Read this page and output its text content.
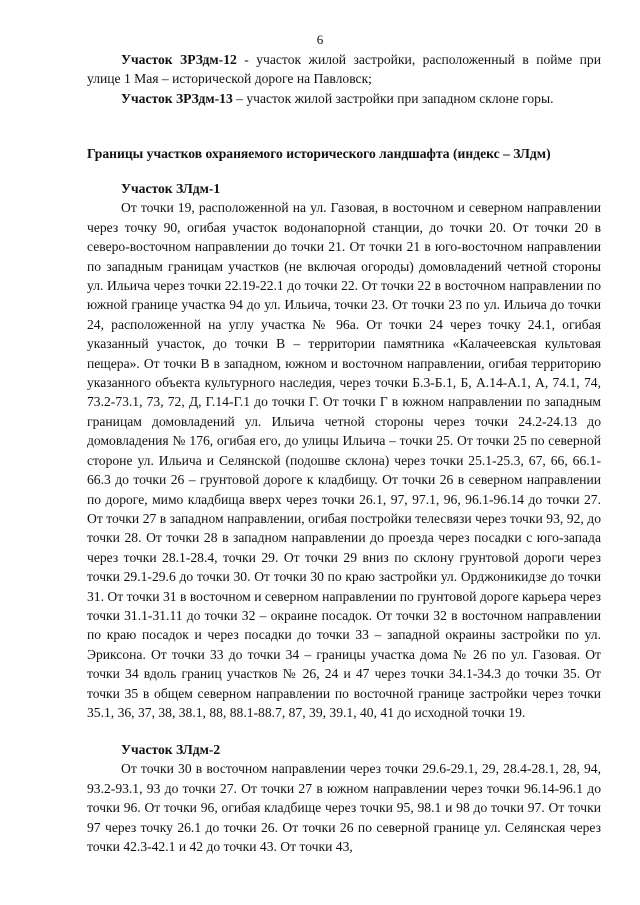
6

Участок ЗРЗдм-12 - участок жилой застройки, расположенный в пойме при улице 1 Мая – исторической дороге на Павловск;

Участок ЗРЗдм-13 – участок жилой застройки при западном склоне горы.

Границы участков охраняемого исторического ландшафта (индекс – ЗЛдм)

Участок ЗЛдм-1

От точки 19, расположенной на ул. Газовая, в восточном и северном направлении через точку 90, огибая участок водонапорной станции, до точки 20. От точки 20 в северо-восточном направлении до точки 21. От точки 21 в юго-восточном направлении по западным границам участков (не включая огороды) домовладений четной стороны ул. Ильича через точки 22.19-22.1 до точки 22. От точки 22 в восточном направлении по южной границе участка 94 до ул. Ильича, точки 23. От точки 23 по ул. Ильича до точки 24, расположенной на углу участка № 96а. От точки 24 через точку 24.1, огибая указанный участок, до точки В – территории памятника «Калачеевская культовая пещера». От точки В в западном, южном и восточном направлении, огибая территорию указанного объекта культурного наследия, через точки Б.3-Б.1, Б, А.14-А.1, А, 74.1, 74, 73.2-73.1, 73, 72, Д, Г.14-Г.1 до точки Г. От точки Г в южном направлении по западным границам домовладений ул. Ильича четной стороны через точки 24.2-24.13 до домовладения № 176, огибая его, до улицы Ильича – точки 25. От точки 25 по северной стороне ул. Ильича и Селянской (подошве склона) через точки 25.1-25.3, 67, 66, 66.1-66.3 до точки 26 – грунтовой дороге к кладбищу. От точки 26 в северном направлении по дороге, мимо кладбища вверх через точки 26.1, 97, 97.1, 96, 96.1-96.14 до точки 27. От точки 27 в западном направлении, огибая постройки телесвязи через точки 93, 92, до точки 28. От точки 28 в западном направлении до проезда через посадки с юго-запада через точки 28.1-28.4, точки 29. От точки 29 вниз по склону грунтовой дороги через точки 29.1-29.6 до точки 30. От точки 30 по краю застройки ул. Орджоникидзе до точки 31. От точки 31 в восточном и северном направлении по грунтовой дороге карьера через точки 31.1-31.11 до точки 32 – окраине посадок. От точки 32 в восточном направлении по краю посадок и через посадки до точки 33 – западной окраины застройки по ул. Эриксона. От точки 33 до точки 34 – границы участка дома № 26 по ул. Газовая. От точки 34 вдоль границ участков № 26, 24 и 47 через точки 34.1-34.3 до точки 35. От точки 35 в общем северном направлении по восточной границе застройки через точки 35.1, 36, 37, 38, 38.1, 88, 88.1-88.7, 87, 39, 39.1, 40, 41 до исходной точки 19.

Участок ЗЛдм-2

От точки 30 в восточном направлении через точки 29.6-29.1, 29, 28.4-28.1, 28, 94, 93.2-93.1, 93 до точки 27. От точки 27 в южном направлении через точки 96.14-96.1 до точки 96. От точки 96, огибая кладбище через точки 95, 98.1 и 98 до точки 97. От точки 97 через точку 26.1 до точки 26. От точки 26 по северной границе ул. Селянская через точки 42.3-42.1 и 42 до точки 43. От точки 43,
